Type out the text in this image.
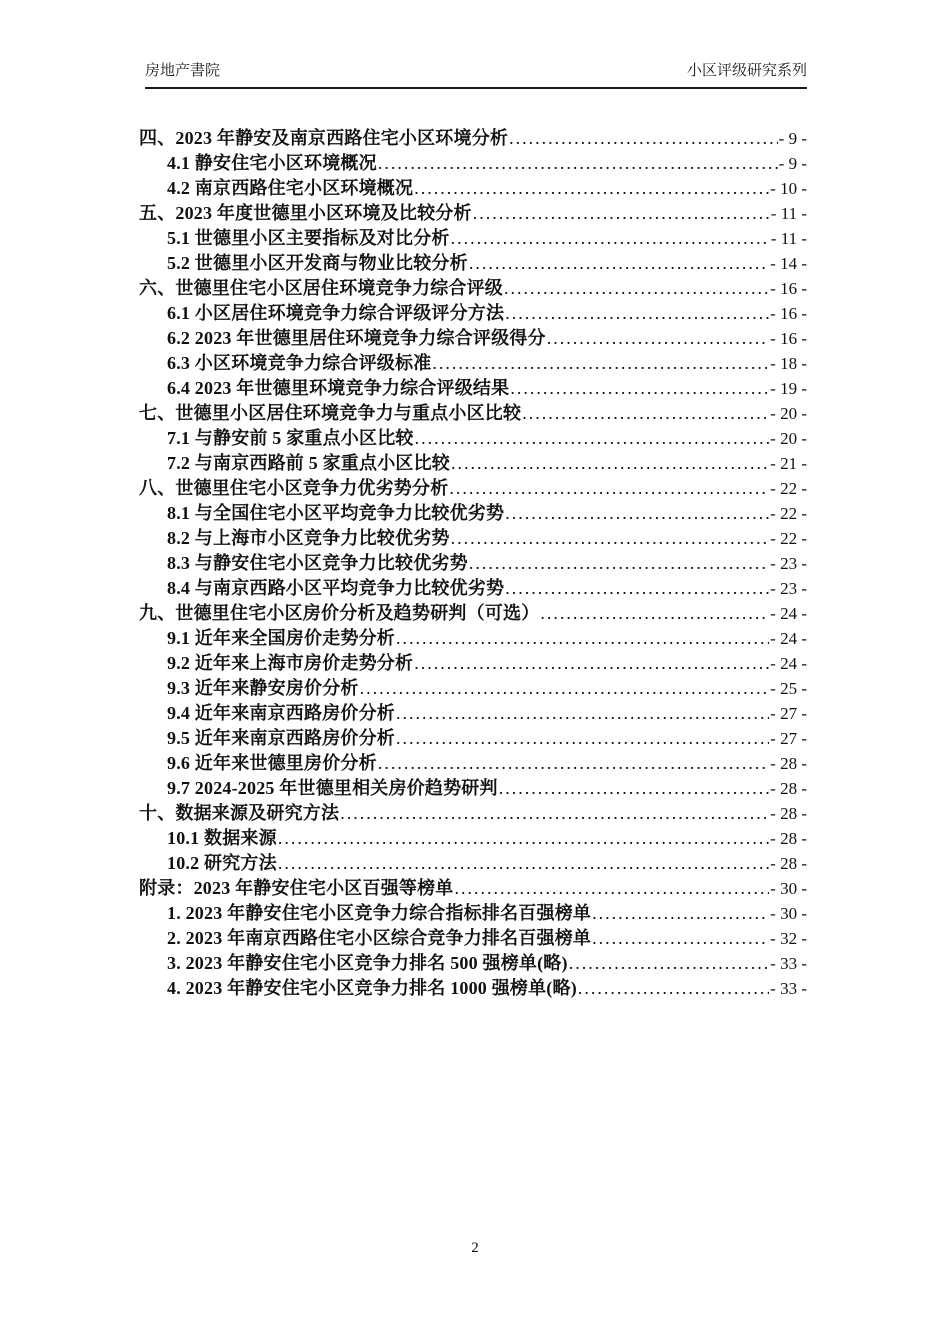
房地产書院	小区评级研究系列
四、2023 年静安及南京西路住宅小区环境分析 .....	- 9 -
4.1 静安住宅小区环境概况 .....	- 9 -
4.2 南京西路住宅小区环境概况 .....	- 10 -
五、2023 年度世德里小区环境及比较分析 .....	- 11 -
5.1 世德里小区主要指标及对比分析 .....	- 11 -
5.2 世德里小区开发商与物业比较分析 .....	- 14 -
六、世德里住宅小区居住环境竞争力综合评级 .....	- 16 -
6.1 小区居住环境竞争力综合评级评分方法 .....	- 16 -
6.2 2023 年世德里居住环境竞争力综合评级得分 .....	- 16 -
6.3 小区环境竞争力综合评级标准 .....	- 18 -
6.4 2023 年世德里环境竞争力综合评级结果 .....	- 19 -
七、世德里小区居住环境竞争力与重点小区比较 .....	- 20 -
7.1 与静安前 5 家重点小区比较 .....	- 20 -
7.2 与南京西路前 5 家重点小区比较 .....	- 21 -
八、世德里住宅小区竞争力优劣势分析 .....	- 22 -
8.1 与全国住宅小区平均竞争力比较优劣势 .....	- 22 -
8.2 与上海市小区竞争力比较优劣势 .....	- 22 -
8.3 与静安住宅小区竞争力比较优劣势 .....	- 23 -
8.4 与南京西路小区平均竞争力比较优劣势 .....	- 23 -
九、世德里住宅小区房价分析及趋势研判（可选） .....	- 24 -
9.1 近年来全国房价走势分析 .....	- 24 -
9.2 近年来上海市房价走势分析 .....	- 24 -
9.3 近年来静安房价分析 .....	- 25 -
9.4 近年来南京西路房价分析 .....	- 27 -
9.5 近年来南京西路房价分析 .....	- 27 -
9.6 近年来世德里房价分析 .....	- 28 -
9.7 2024-2025 年世德里相关房价趋势研判 .....	- 28 -
十、数据来源及研究方法 .....	- 28 -
10.1 数据来源 .....	- 28 -
10.2 研究方法 .....	- 28 -
附录：2023 年静安住宅小区百强等榜单 .....	- 30 -
1. 2023 年静安住宅小区竞争力综合指标排名百强榜单 .....	- 30 -
2. 2023 年南京西路住宅小区综合竞争力排名百强榜单 .....	- 32 -
3. 2023 年静安住宅小区竞争力排名 500 强榜单(略) .....	- 33 -
4. 2023 年静安住宅小区竞争力排名 1000 强榜单(略) .....	- 33 -
2
